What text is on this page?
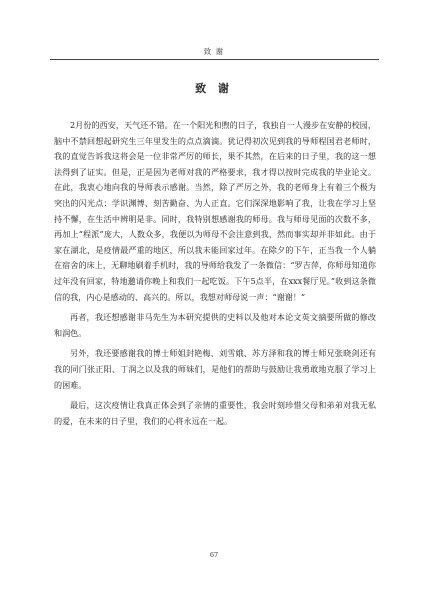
致 谢
致 谢

2月份的西安，天气还不错。在一个阳光和煦的日子，我独自一人漫步在安静的校园，脑中不禁回想起研究生三年里发生的点点滴滴。犹记得初次见到我的导师程国君老师时，我的直觉告诉我这将会是一位非常严厉的师长，果不其然，在后来的日子里，我的这一想法得到了证实。但是，正是因为老师对我的严格要求，我才得以按时完成我的毕业论文。在此，我衷心地向我的导师表示感谢。当然，除了严厉之外，我的老师身上有着三个极为突出的闪光点：学识渊博、刻苦勤奋、为人正直。它们深深地影响了我，让我在学习上坚持不懈，在生活中辨明是非。同时，我特别想感谢我的师母。我与师母见面的次数不多，再加上“程派”庞大，人数众多，我便以为师母不会注意到我，然而事实却并非如此。由于家在湖北，是疫情最严重的地区，所以我未能回家过年。在除夕的下午，正当我一个人躺在宿舍的床上，无聊地刷着手机时，我的导师给我发了一条微信：“罗吉萍，你师母知道你过年没有回家，特地邀请你晚上和我们一起吃饭。下午5点半，在xxx餐厅见。”收到这条微信的我，内心是感动的、高兴的。所以，我想对师母说一声：“谢谢！”

再者，我还想感谢非马先生为本研究提供的史料以及他对本论文英文摘要所做的修改和润色。

另外，我还要感谢我的博士师姐封艳梅、刘雪娥、苏方泽和我的博士师兄张晓剑还有我的同门张正阳、丁润之以及我的师妹们，是他们的帮助与鼓励让我勇敢地克服了学习上的困难。

最后，这次疫情让我真正体会到了亲情的重要性，我会时刻珍惜父母和弟弟对我无私的爱，在未来的日子里，我们的心将永远在一起。

67
